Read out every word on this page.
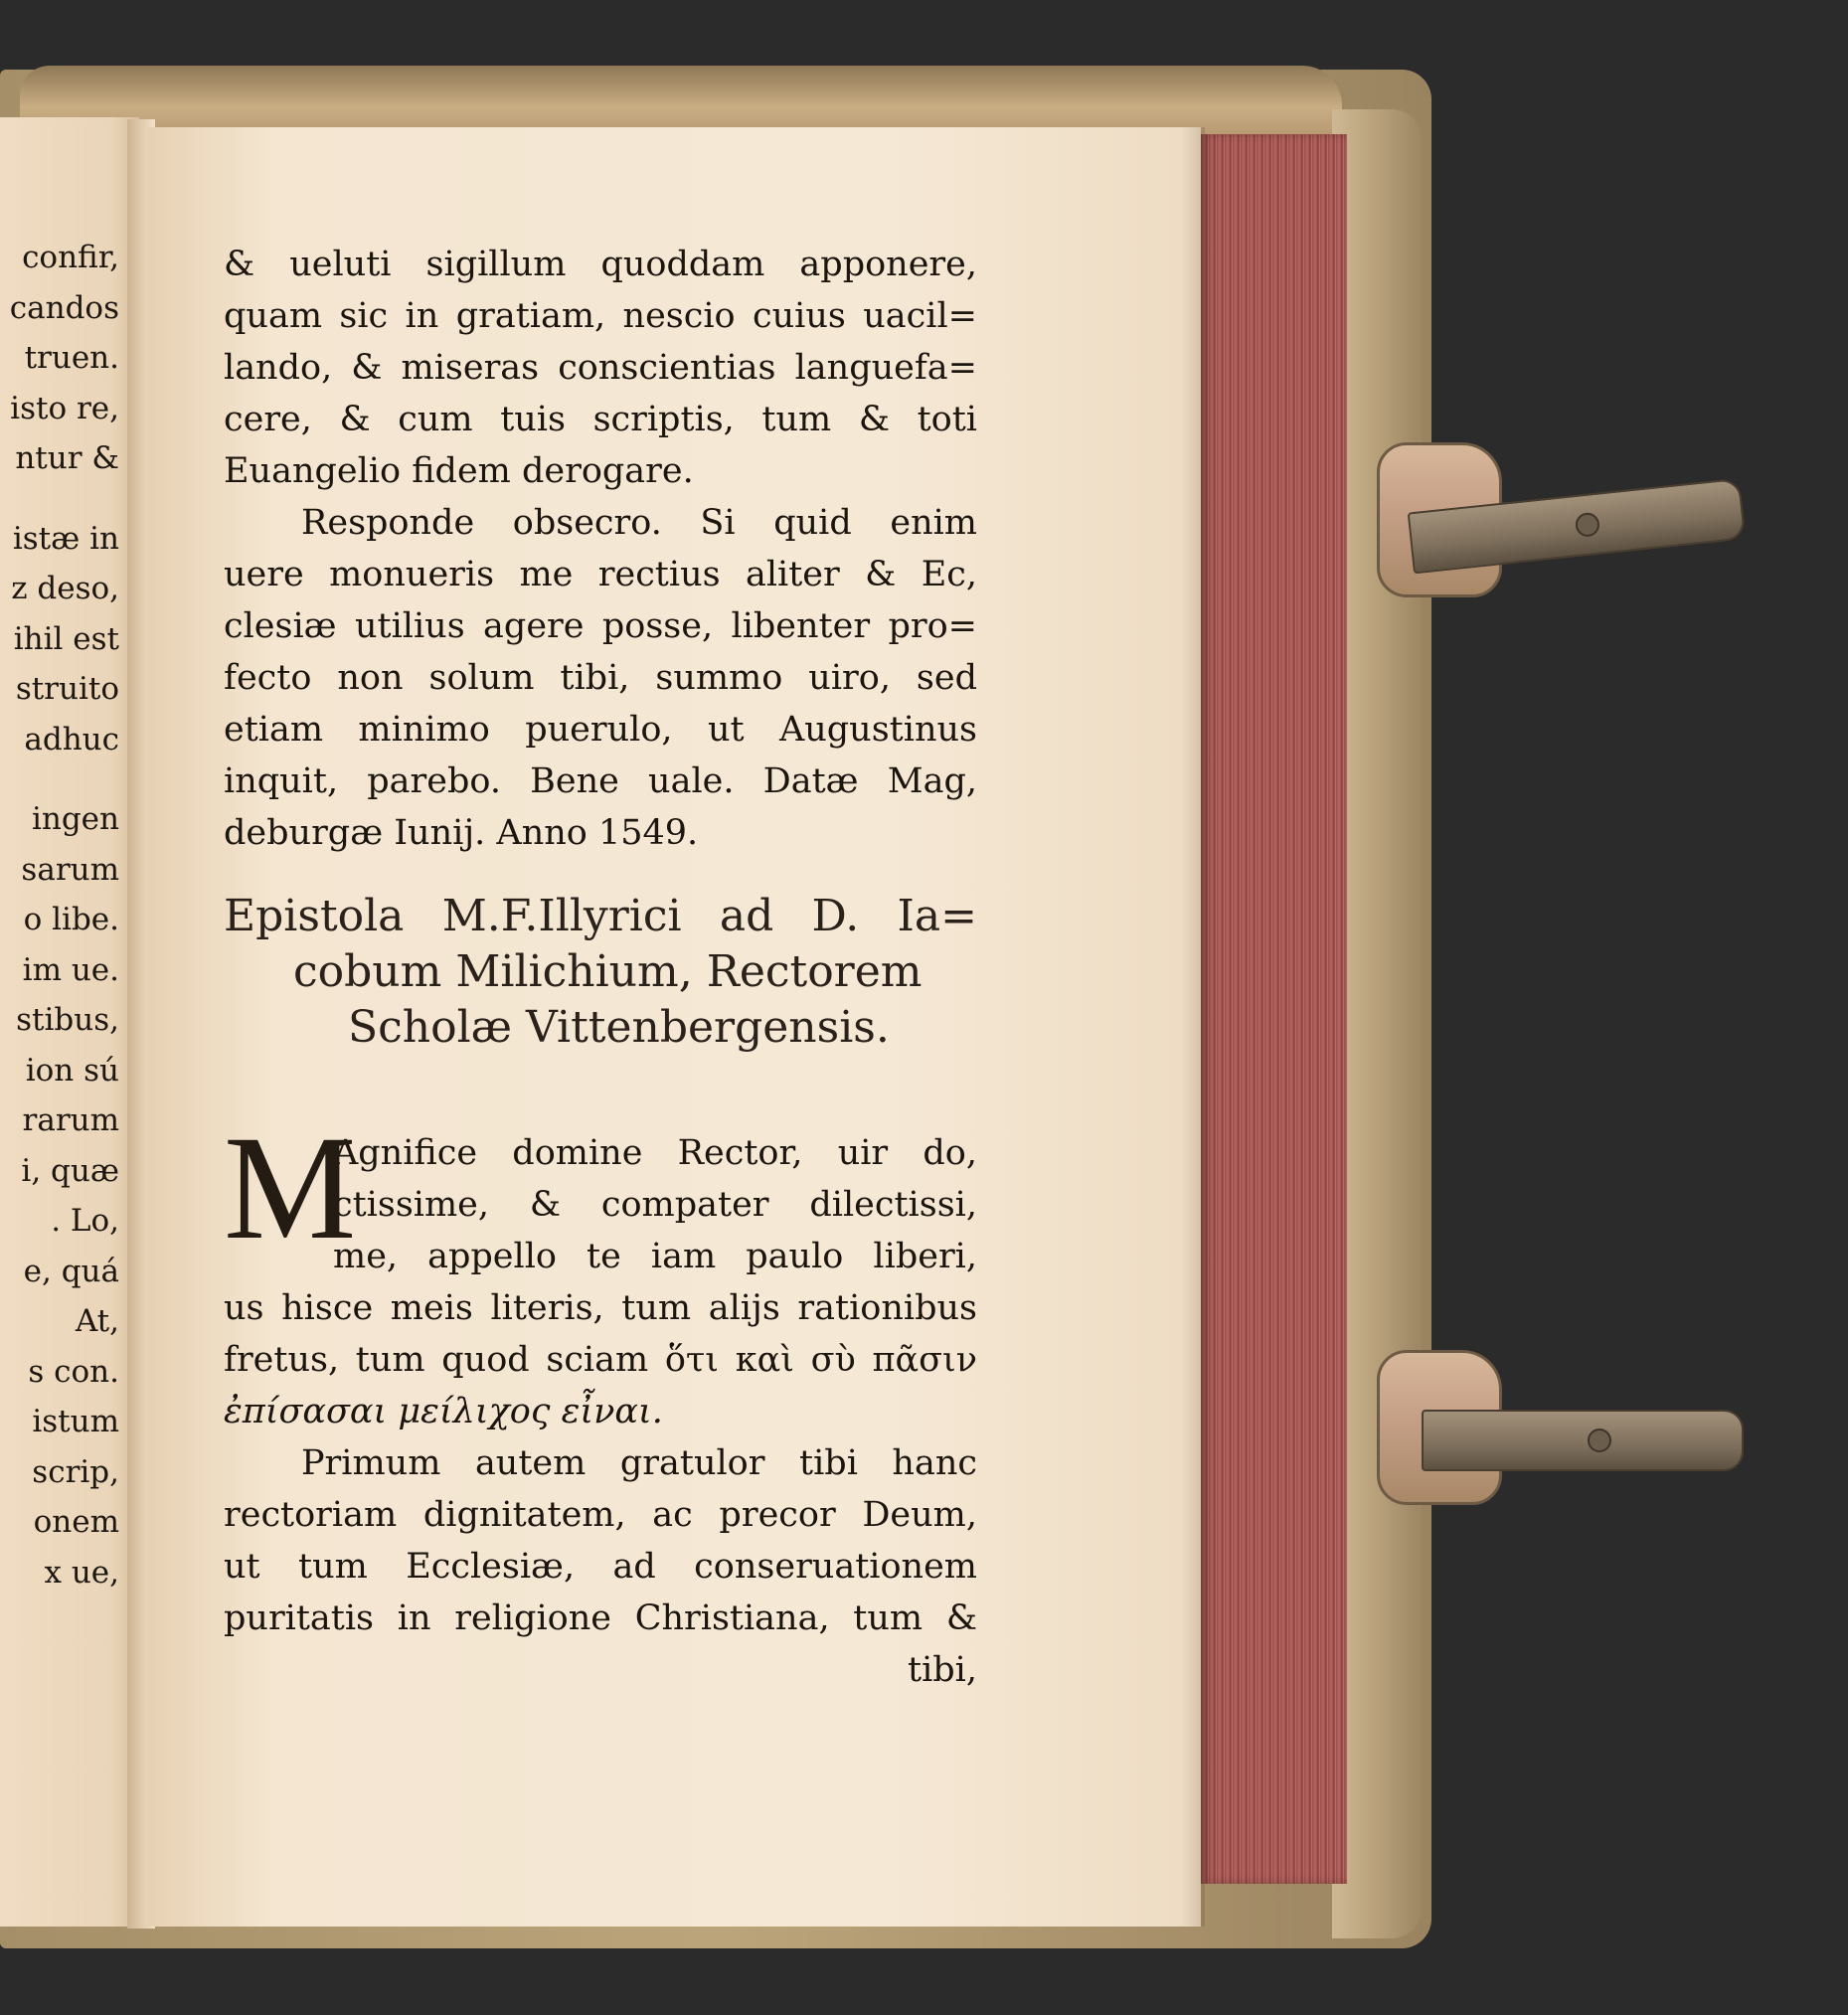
confir,
candos
truen.
isto re,
ntur &
istæ in
z deso,
ihil est
struito
adhuc
ingen
sarum
o libe.
im ue.
stibus,
ion sú
rarum
i, quæ
. Lo,
e, quá
At,
s con.
istum
scrip,
onem
x ue,
& ueluti sigillum quoddam apponere,
quam sic in gratiam, nescio cuius uacil=
lando, & miseras conscientias languefa=
cere, & cum tuis scriptis, tum & toti
Euangelio fidem derogare.
Responde obsecro. Si quid enim
uere monueris me rectius aliter & Ec,
clesiæ utilius agere posse, libenter pro=
fecto non solum tibi, summo uiro, sed
etiam minimo puerulo, ut Augustinus
inquit, parebo. Bene uale. Datæ Mag,
deburgæ Iunij. Anno 1549.
Epistola M.F.Illyrici ad D. Ia=
cobum Milichium, Rectorem
Scholæ Vittenbergensis.
M
Agnifice domine Rector, uir do,
ctissime, & compater dilectissi,
me, appello te iam paulo liberi,
us hisce meis literis, tum alijs rationibus
fretus, tum quod sciam ὅτι καὶ σὺ πᾶσιν
ἐπίσασαι μείλιχος εἶναι.
Primum autem gratulor tibi hanc
rectoriam dignitatem, ac precor Deum,
ut tum Ecclesiæ, ad conseruationem
puritatis in religione Christiana, tum &
tibi,
